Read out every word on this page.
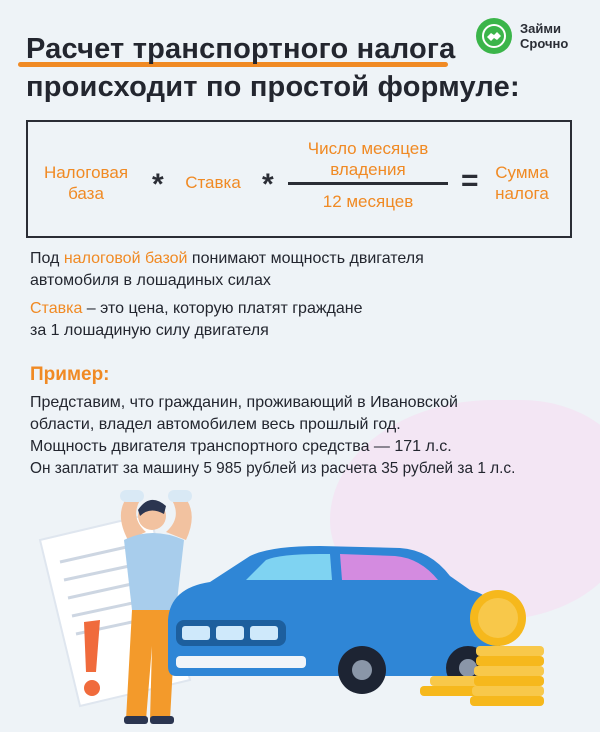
Расчет транспортного налога
происходит по простой формуле:
Займи
Срочно
Налоговая
база	*	Ставка *
Число месяцев
владения
12 месяцев
= Сумма
налога

Под налоговой базой понимают мощность двигателя
автомобиля в лошадиных силах

Ставка – это цена, которую платят граждане
за 1 лошадиную силу двигателя

Пример:

Представим, что гражданин, проживающий в Ивановской

области, владел автомобилем весь прошлый год.

Мощность двигателя транспортного средства — 171 л.с.

Он заплатит за машину 5 985 рублей из расчета 35 рублей за 1 л.с.
